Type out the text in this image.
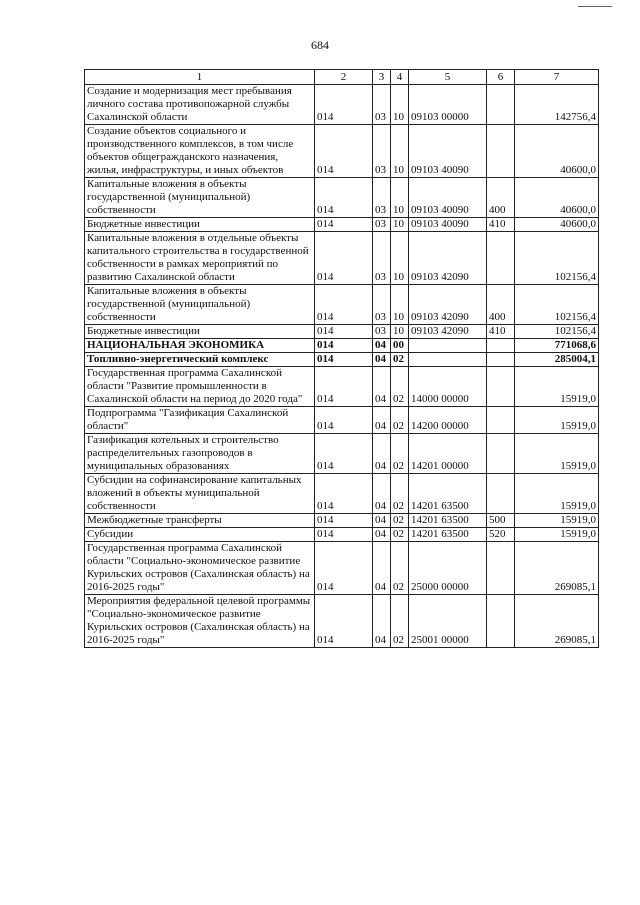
684
1	2	3	4	5	6	7
Создание и модернизация мест пребывания личного состава противопожарной службы Сахалинской области	014	03	10	09103 00000		142756,4
Создание объектов социального и производственного комплексов, в том числе объектов общегражданского назначения, жилья, инфраструктуры, и иных объектов	014	03	10	09103 40090		40600,0
Капитальные вложения в объекты государственной (муниципальной) собственности	014	03	10	09103 40090	400	40600,0
Бюджетные инвестиции	014	03	10	09103 40090	410	40600,0
Капитальные вложения в отдельные объекты капитального строительства в государственной собственности в рамках мероприятий по развитию Сахалинской области	014	03	10	09103 42090		102156,4
Капитальные вложения в объекты государственной (муниципальной) собственности	014	03	10	09103 42090	400	102156,4
Бюджетные инвестиции	014	03	10	09103 42090	410	102156,4
НАЦИОНАЛЬНАЯ ЭКОНОМИКА	014	04	00			771068,6
Топливно-энергетический комплекс	014	04	02			285004,1
Государственная программа Сахалинской области "Развитие промышленности в Сахалинской области на период до 2020 года"	014	04	02	14000 00000		15919,0
Подпрограмма "Газификация Сахалинской области"	014	04	02	14200 00000		15919,0
Газификация котельных и строительство распределительных газопроводов в муниципальных образованиях	014	04	02	14201 00000		15919,0
Субсидии на софинансирование капитальных вложений в объекты муниципальной собственности	014	04	02	14201 63500		15919,0
Межбюджетные трансферты	014	04	02	14201 63500	500	15919,0
Субсидии	014	04	02	14201 63500	520	15919,0
Государственная программа Сахалинской области "Социально-экономическое развитие Курильских островов (Сахалинская область) на 2016-2025 годы"	014	04	02	25000 00000		269085,1
Мероприятия федеральной целевой программы "Социально-экономическое развитие Курильских островов (Сахалинская область) на 2016-2025 годы"	014	04	02	25001 00000		269085,1
